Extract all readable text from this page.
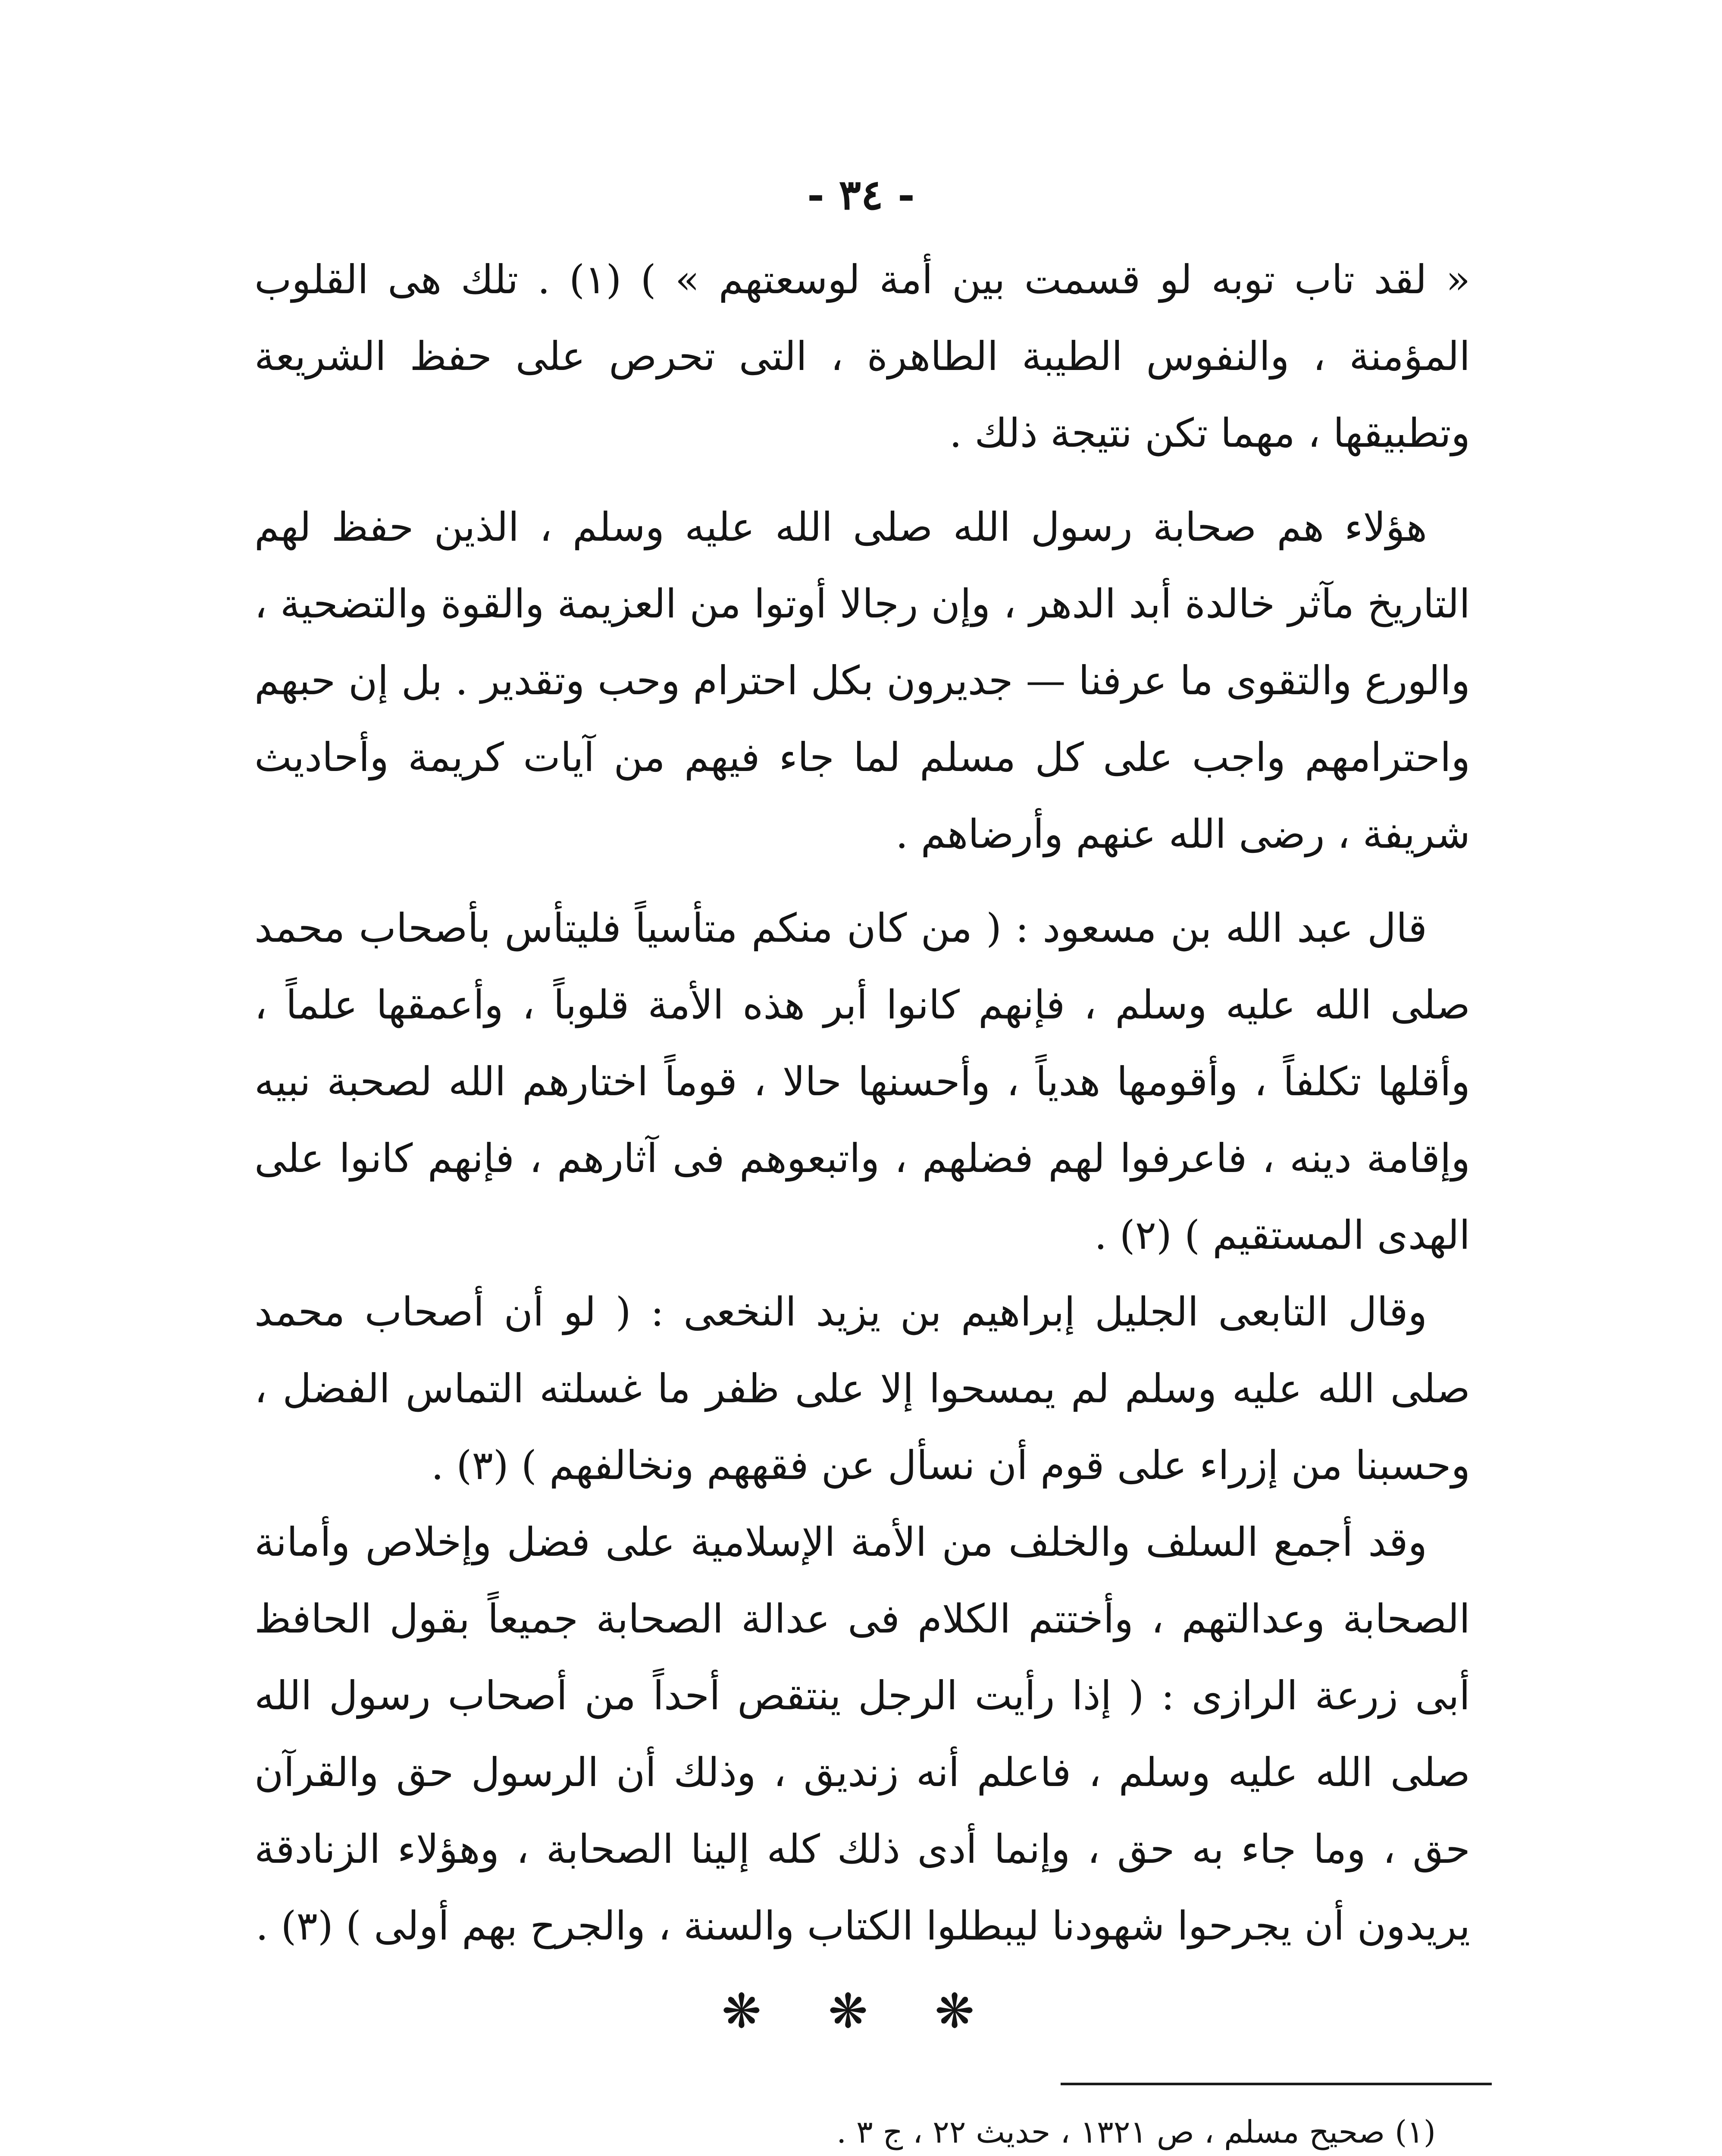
- ٣٤ -

« لقد تاب توبه لو قسمت بين أمة لوسعتهم » ) (١) . تلك هى القلوب المؤمنة ، والنفوس الطيبة الطاهرة ، التى تحرص على حفظ الشريعة وتطبيقها ، مهما تكن نتيجة ذلك .

هؤلاء هم صحابة رسول الله صلى الله عليه وسلم ، الذين حفظ لهم التاريخ مآثر خالدة أبد الدهر ، وإن رجالا أوتوا من العزيمة والقوة والتضحية ، والورع والتقوى ما عرفنا — جديرون بكل احترام وحب وتقدير . بل إن حبهم واحترامهم واجب على كل مسلم لما جاء فيهم من آيات كريمة وأحاديث شريفة ، رضى الله عنهم وأرضاهم .

قال عبد الله بن مسعود : ( من كان منكم متأسياً فليتأس بأصحاب محمد صلى الله عليه وسلم ، فإنهم كانوا أبر هذه الأمة قلوباً ، وأعمقها علماً ، وأقلها تكلفاً ، وأقومها هدياً ، وأحسنها حالا ، قوماً اختارهم الله لصحبة نبيه وإقامة دينه ، فاعرفوا لهم فضلهم ، واتبعوهم فى آثارهم ، فإنهم كانوا على الهدى المستقيم ) (٢) .

وقال التابعى الجليل إبراهيم بن يزيد النخعى : ( لو أن أصحاب محمد صلى الله عليه وسلم لم يمسحوا إلا على ظفر ما غسلته التماس الفضل ، وحسبنا من إزراء على قوم أن نسأل عن فقههم ونخالفهم ) (٣) .

وقد أجمع السلف والخلف من الأمة الإسلامية على فضل وإخلاص وأمانة الصحابة وعدالتهم ، وأختتم الكلام فى عدالة الصحابة جميعاً بقول الحافظ أبى زرعة الرازى : ( إذا رأيت الرجل ينتقص أحداً من أصحاب رسول الله صلى الله عليه وسلم ، فاعلم أنه زنديق ، وذلك أن الرسول حق والقرآن حق ، وما جاء به حق ، وإنما أدى ذلك كله إلينا الصحابة ، وهؤلاء الزنادقة يريدون أن يجرحوا شهودنا ليبطلوا الكتاب والسنة ، والجرح بهم أولى ) (٣) .

❋ ❋ ❋

(١) صحيح مسلم ، ص ١٣٢١ ، حديث ٢٢ ، ج ٣ .
